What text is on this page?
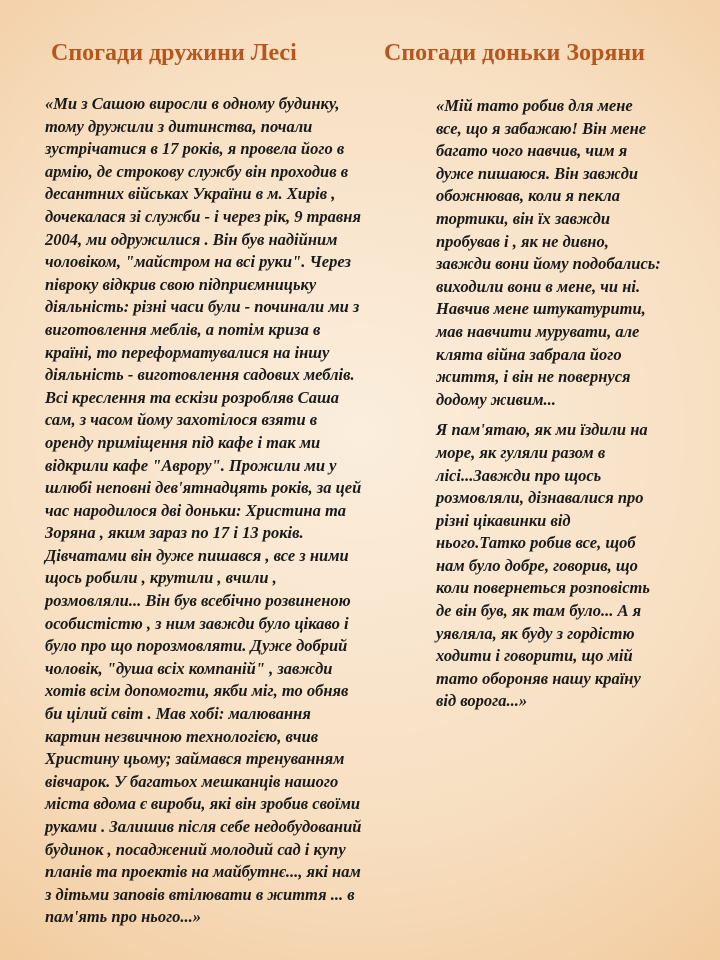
Спогади дружини Лесі	Спогади доньки Зоряни

«Ми з Сашою виросли в одному будинку,
тому дружили з дитинства, почали
зустрічатися в 17 років, я провела його в
армію, де строкову службу він проходив в
десантних військах України в м. Хирів ,
дочекалася зі служби - і через рік, 9 травня
2004, ми одружилися . Він був надійним
чоловіком, "майстром на всі руки". Через
півроку відкрив свою підприємницьку
діяльність: різні часи були - починали ми з
виготовлення меблів, а потім криза в
країні, то переформатувалися на іншу
діяльність - виготовлення садових меблів.
Всі креслення та ескізи розробляв Саша
сам, з часом йому захотілося взяти в
оренду приміщення під кафе і так ми
відкрили кафе "Аврору". Прожили ми у
шлюбі неповні дев'ятнадцять років, за цей
час народилося дві доньки: Христина та
Зоряна , яким зараз по 17 і 13 років.
Дівчатами він дуже пишався , все з ними
щось робили , крутили , вчили ,
розмовляли... Він був всебічно розвиненою
особистістю , з ним завжди було цікаво і
було про що порозмовляти. Дуже добрий
чоловік, "душа всіх компаній" , завжди
хотів всім допомогти, якби міг, то обняв
би цілий світ . Мав хобі: малювання
картин незвичною технологією, вчив
Христину цьому; займався тренуванням
вівчарок. У багатьох мешканців нашого
міста вдома є вироби, які він зробив своїми
руками . Залишив після себе недобудований
будинок , посаджений молодий сад і купу
планів та проектів на майбутнє..., які нам
з дітьми заповів втілювати в життя ... в
пам'ять про нього...»

«Мій тато робив для мене
все, що я забажаю! Він мене
багато чого навчив, чим я
дуже пишаюся. Він завжди
обожнював, коли я пекла
тортики, він їх завжди
пробував і , як не дивно,
завжди вони йому подобались:
виходили вони в мене, чи ні.
Навчив мене штукатурити,
мав навчити мурувати, але
клята війна забрала його
життя, і він не повернуся
додому живим...

Я пам'ятаю, як ми їздили на
море, як гуляли разом в
лісі...Завжди про щось
розмовляли, дізнавалися про
різні цікавинки від
нього.Татко робив все, щоб
нам було добре, говорив, що
коли повернеться розповість
де він був, як там було... А я
уявляла, як буду з гордістю
ходити і говорити, що мій
тато обороняв нашу країну
від ворога...»
